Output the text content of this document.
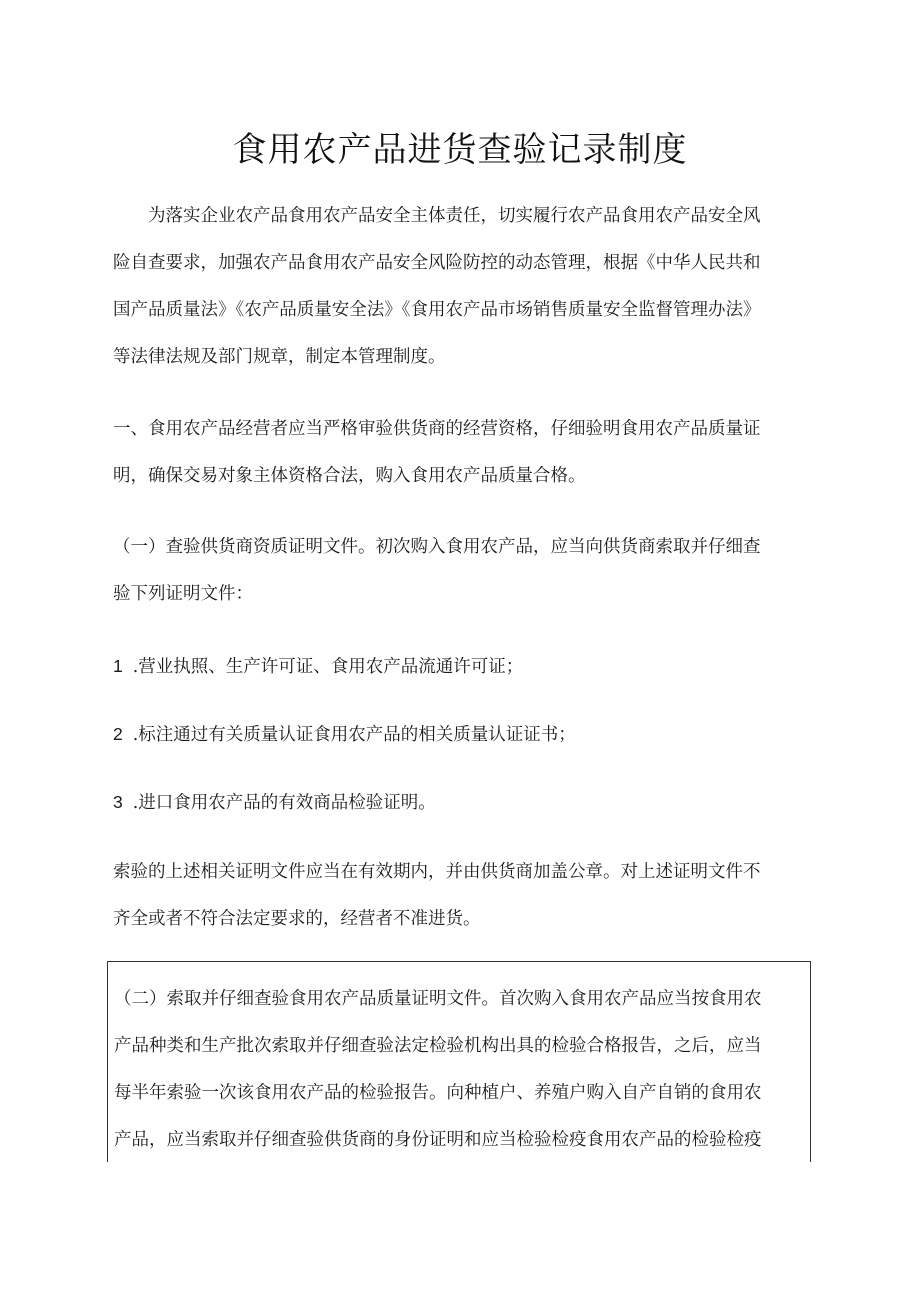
食用农产品进货查验记录制度
为落实企业农产品食用农产品安全主体责任，切实履行农产品食用农产品安全风
险自查要求，加强农产品食用农产品安全风险防控的动态管理，根据《中华人民共和
国产品质量法》《农产品质量安全法》《食用农产品市场销售质量安全监督管理办法》
等法律法规及部门规章，制定本管理制度。
一、食用农产品经营者应当严格审验供货商的经营资格，仔细验明食用农产品质量证
明，确保交易对象主体资格合法，购入食用农产品质量合格。
（一）查验供货商资质证明文件。初次购入食用农产品，应当向供货商索取并仔细查
验下列证明文件：
1 .营业执照、生产许可证、食用农产品流通许可证；
2 .标注通过有关质量认证食用农产品的相关质量认证证书；
3 .进口食用农产品的有效商品检验证明。
索验的上述相关证明文件应当在有效期内，并由供货商加盖公章。对上述证明文件不
齐全或者不符合法定要求的，经营者不准进货。
（二）索取并仔细查验食用农产品质量证明文件。首次购入食用农产品应当按食用农
产品种类和生产批次索取并仔细查验法定检验机构出具的检验合格报告，之后，应当
每半年索验一次该食用农产品的检验报告。向种植户、养殖户购入自产自销的食用农
产品，应当索取并仔细查验供货商的身份证明和应当检验检疫食用农产品的检验检疫
